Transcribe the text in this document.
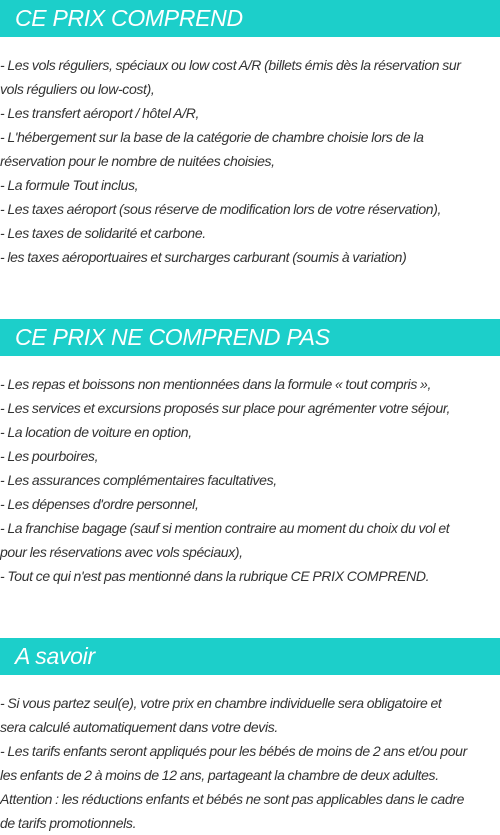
CE PRIX COMPREND
- Les vols réguliers, spéciaux ou low cost A/R (billets émis dès la réservation sur
vols réguliers ou low-cost),
- Les transfert aéroport / hôtel A/R,
- L'hébergement sur la base de la catégorie de chambre choisie lors de la
réservation pour le nombre de nuitées choisies,
- La formule Tout inclus,
- Les taxes aéroport (sous réserve de modification lors de votre réservation),
- Les taxes de solidarité et carbone.
- les taxes aéroportuaires et surcharges carburant (soumis à variation)
CE PRIX NE COMPREND PAS
- Les repas et boissons non mentionnées dans la formule « tout compris »,
- Les services et excursions proposés sur place pour agrémenter votre séjour,
- La location de voiture en option,
- Les pourboires,
- Les assurances complémentaires facultatives,
- Les dépenses d'ordre personnel,
- La franchise bagage (sauf si mention contraire au moment du choix du vol et
pour les réservations avec vols spéciaux),
- Tout ce qui n'est pas mentionné dans la rubrique CE PRIX COMPREND.
A savoir
- Si vous partez seul(e), votre prix en chambre individuelle sera obligatoire et
sera calculé automatiquement dans votre devis.
- Les tarifs enfants seront appliqués pour les bébés de moins de 2 ans et/ou pour
les enfants de 2 à moins de 12 ans, partageant la chambre de deux adultes.
Attention : les réductions enfants et bébés ne sont pas applicables dans le cadre
de tarifs promotionnels.
